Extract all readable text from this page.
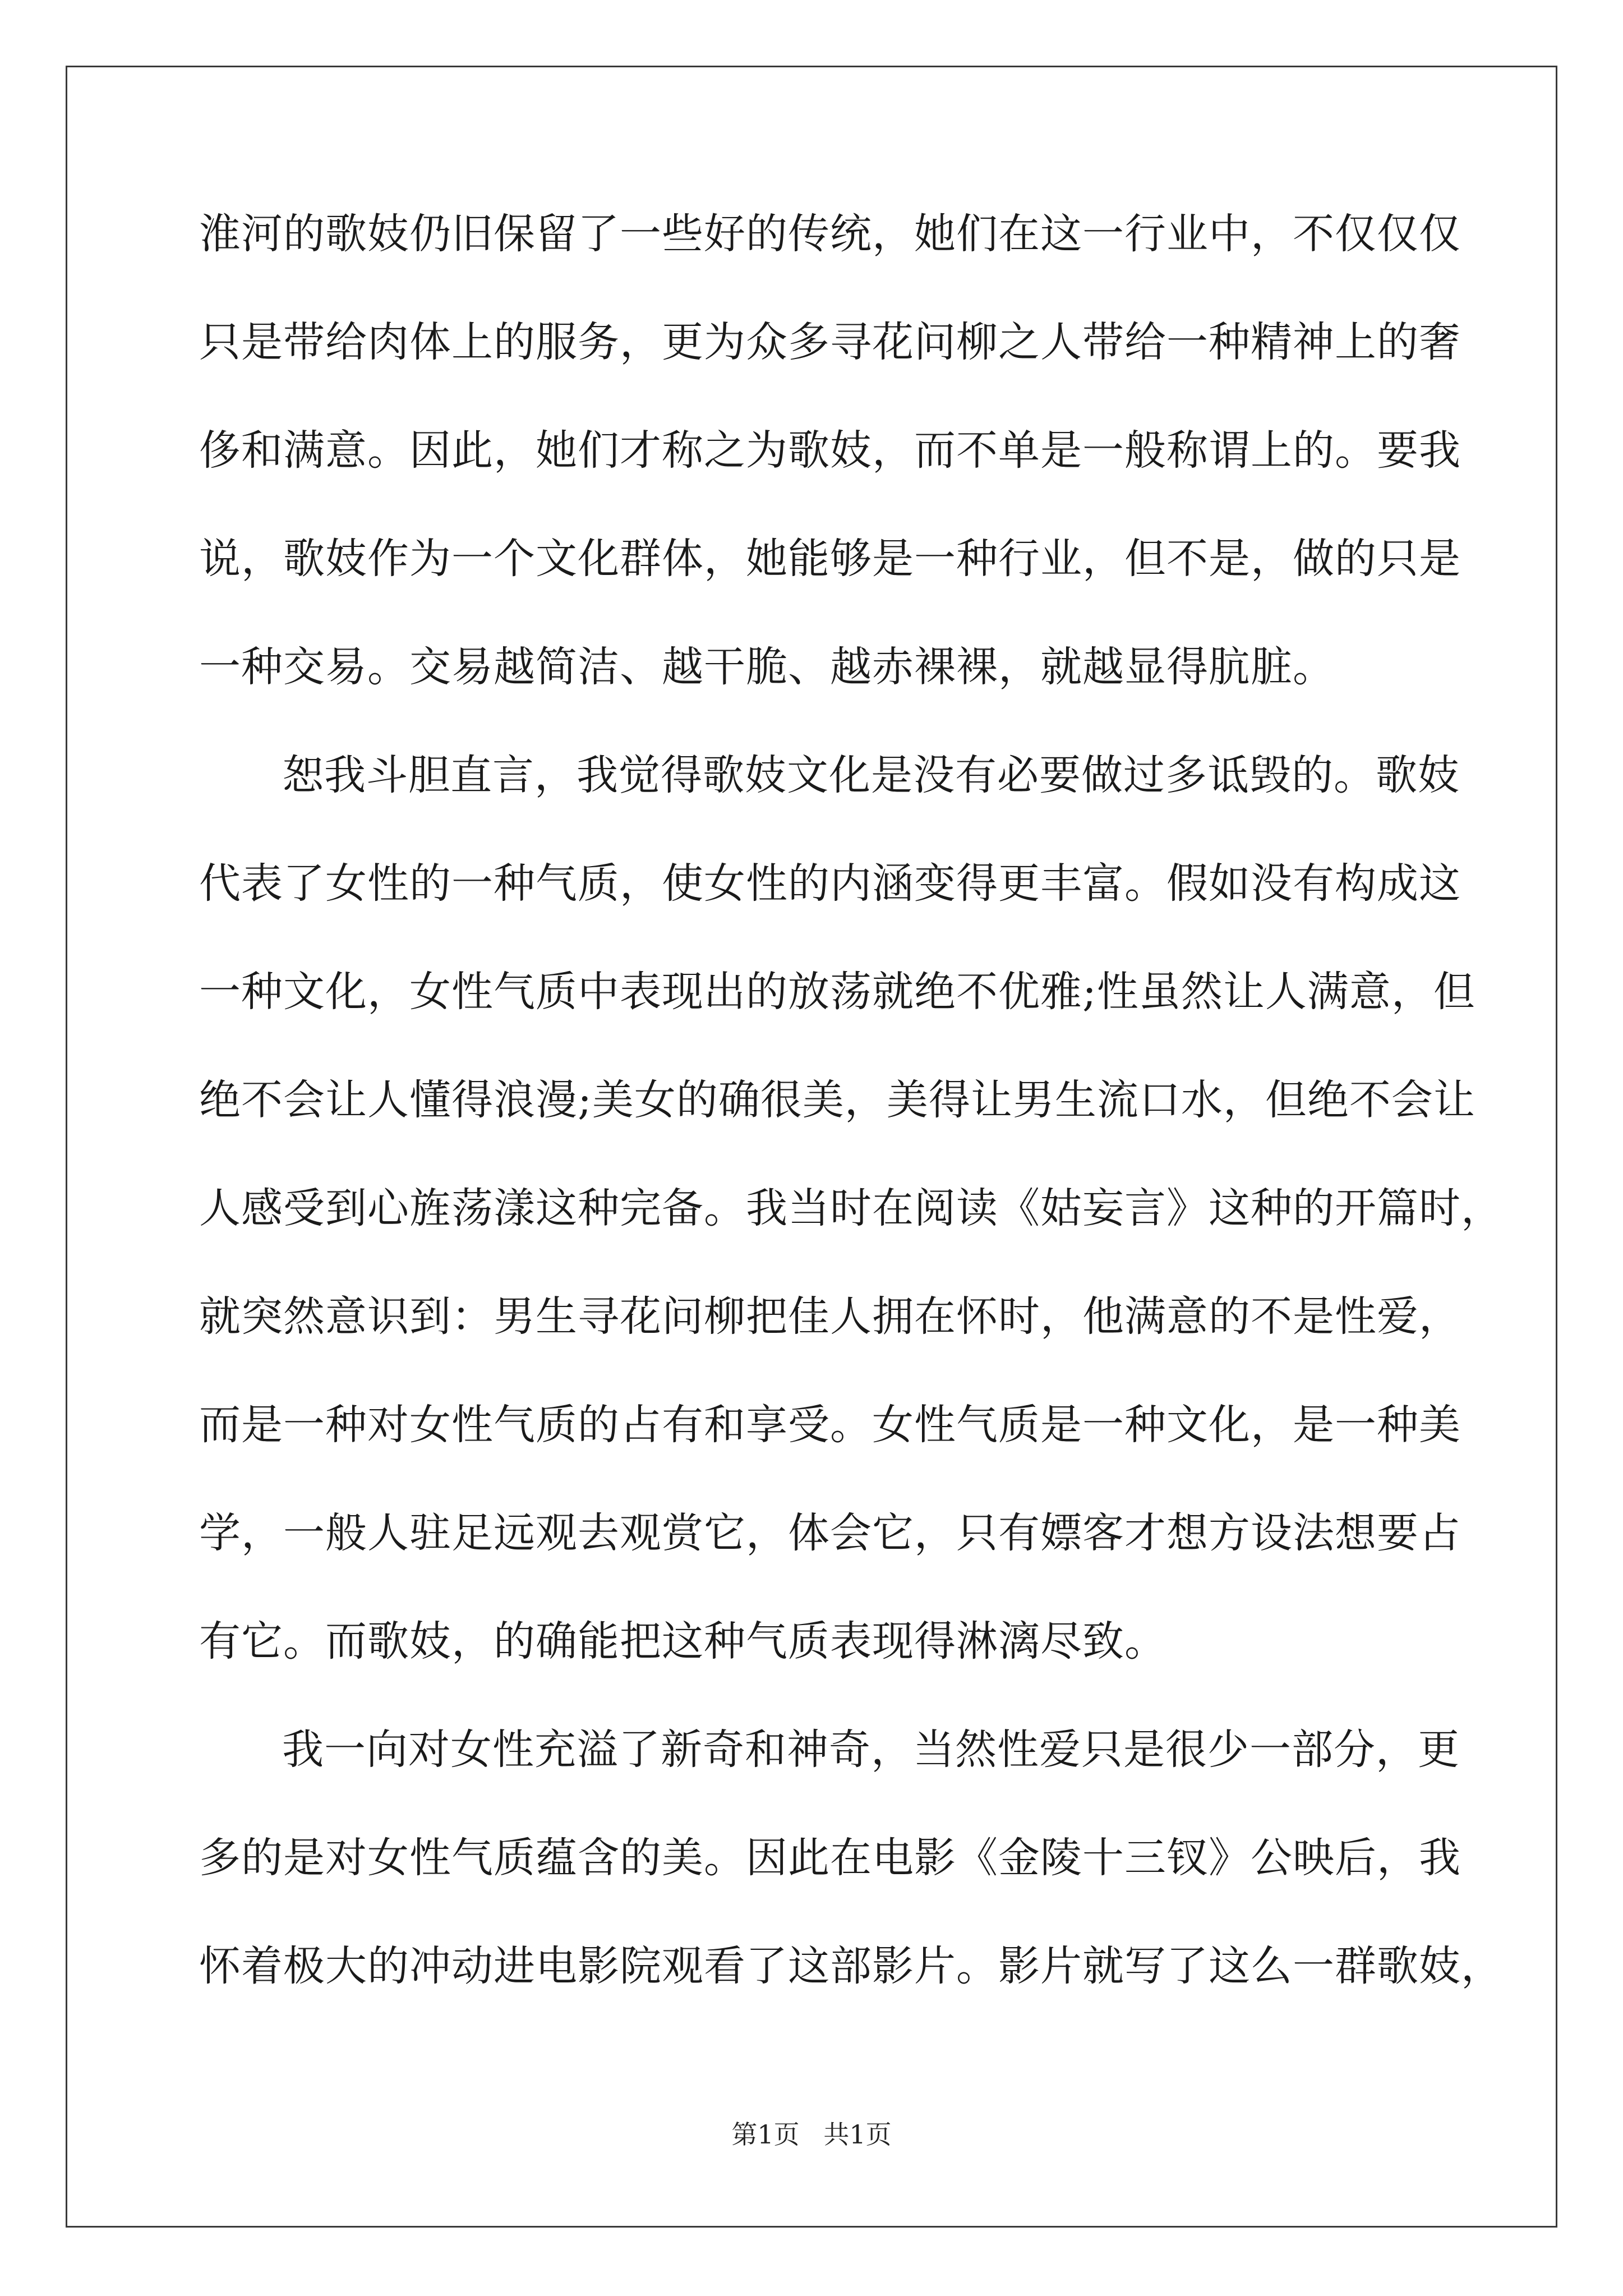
淮河的歌妓仍旧保留了一些好的传统，她们在这一行业中，不仅仅仅
只是带给肉体上的服务，更为众多寻花问柳之人带给一种精神上的奢
侈和满意。因此，她们才称之为歌妓，而不单是一般称谓上的。要我
说，歌妓作为一个文化群体，她能够是一种行业，但不是，做的只是
一种交易。交易越简洁、越干脆、越赤裸裸，就越显得肮脏。
恕我斗胆直言，我觉得歌妓文化是没有必要做过多诋毁的。歌妓
代表了女性的一种气质，使女性的内涵变得更丰富。假如没有构成这
一种文化，女性气质中表现出的放荡就绝不优雅;性虽然让人满意，但
绝不会让人懂得浪漫;美女的确很美，美得让男生流口水，但绝不会让
人感受到心旌荡漾这种完备。我当时在阅读《姑妄言》这种的开篇时，
就突然意识到：男生寻花问柳把佳人拥在怀时，他满意的不是性爱，
而是一种对女性气质的占有和享受。女性气质是一种文化，是一种美
学，一般人驻足远观去观赏它，体会它，只有嫖客才想方设法想要占
有它。而歌妓，的确能把这种气质表现得淋漓尽致。
我一向对女性充溢了新奇和神奇，当然性爱只是很少一部分，更
多的是对女性气质蕴含的美。因此在电影《金陵十三钗》公映后，我
怀着极大的冲动进电影院观看了这部影片。影片就写了这么一群歌妓，
第1页 共1页
